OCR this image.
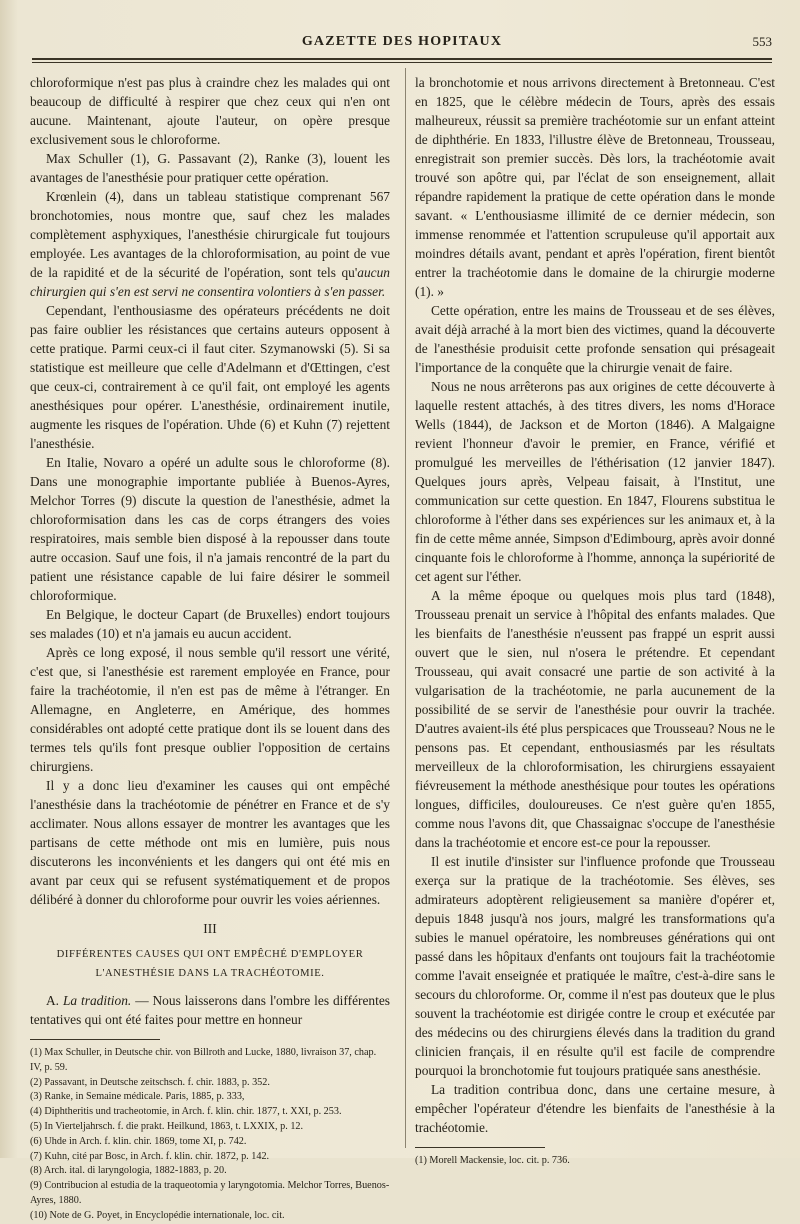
GAZETTE DES HOPITAUX	553

chloroformique n'est pas plus à craindre chez les malades qui ont beaucoup de difficulté à respirer que chez ceux qui n'en ont aucune. Maintenant, ajoute l'auteur, on opère presque exclusivement sous le chloroforme.

Max Schuller (1), G. Passavant (2), Ranke (3), louent les avantages de l'anesthésie pour pratiquer cette opération.

Krœnlein (4), dans un tableau statistique comprenant 567 bronchotomies, nous montre que, sauf chez les malades complètement asphyxiques, l'anesthésie chirurgicale fut toujours employée. Les avantages de la chloroformisation, au point de vue de la rapidité et de la sécurité de l'opération, sont tels qu'aucun chirurgien qui s'en est servi ne consentira volontiers à s'en passer.

Cependant, l'enthousiasme des opérateurs précédents ne doit pas faire oublier les résistances que certains auteurs opposent à cette pratique. Parmi ceux-ci il faut citer. Szymanowski (5). Si sa statistique est meilleure que celle d'Adelmann et d'Œttingen, c'est que ceux-ci, contrairement à ce qu'il fait, ont employé les agents anesthésiques pour opérer. L'anesthésie, ordinairement inutile, augmente les risques de l'opération. Uhde (6) et Kuhn (7) rejettent l'anesthésie.

En Italie, Novaro a opéré un adulte sous le chloroforme (8). Dans une monographie importante publiée à Buenos-Ayres, Melchor Torres (9) discute la question de l'anesthésie, admet la chloroformisation dans les cas de corps étrangers des voies respiratoires, mais semble bien disposé à la repousser dans toute autre occasion. Sauf une fois, il n'a jamais rencontré de la part du patient une résistance capable de lui faire désirer le sommeil chloroformique.

En Belgique, le docteur Capart (de Bruxelles) endort toujours ses malades (10) et n'a jamais eu aucun accident.

Après ce long exposé, il nous semble qu'il ressort une vérité, c'est que, si l'anesthésie est rarement employée en France, pour faire la trachéotomie, il n'en est pas de même à l'étranger. En Allemagne, en Angleterre, en Amérique, des hommes considérables ont adopté cette pratique dont ils se louent dans des termes tels qu'ils font presque oublier l'opposition de certains chirurgiens.

Il y a donc lieu d'examiner les causes qui ont empêché l'anesthésie dans la trachéotomie de pénétrer en France et de s'y acclimater. Nous allons essayer de montrer les avantages que les partisans de cette méthode ont mis en lumière, puis nous discuterons les inconvénients et les dangers qui ont été mis en avant par ceux qui se refusent systématiquement et de propos délibéré à donner du chloroforme pour ouvrir les voies aériennes.

III
DIFFÉRENTES CAUSES QUI ONT EMPÊCHÉ D'EMPLOYER L'ANESTHÉSIE DANS LA TRACHÉOTOMIE.

A. La tradition. — Nous laisserons dans l'ombre les différentes tentatives qui ont été faites pour mettre en honneur

(1) Max Schuller, in Deutsche chir. von Billroth and Lucke, 1880, livraison 37, chap. IV, p. 59.

(2) Passavant, in Deutsche zeitschsch. f. chir. 1883, p. 352.

(3) Ranke, in Semaine médicale. Paris, 1885, p. 333,

(4) Diphtheritis und tracheotomie, in Arch. f. klin. chir. 1877, t. XXI, p. 253.

(5) In Vierteljahrsch. f. die prakt. Heilkund, 1863, t. LXXIX, p. 12.

(6) Uhde in Arch. f. klin. chir. 1869, tome XI, p. 742.

(7) Kuhn, cité par Bosc, in Arch. f. klin. chir. 1872, p. 142.

(8) Arch. ital. di laryngologia, 1882-1883, p. 20.

(9) Contribucion al estudia de la traqueotomia y laryngotomia. Melchor Torres, Buenos-Ayres, 1880.

(10) Note de G. Poyet, in Encyclopédie internationale, loc. cit.

la bronchotomie et nous arrivons directement à Bretonneau. C'est en 1825, que le célèbre médecin de Tours, après des essais malheureux, réussit sa première trachéotomie sur un enfant atteint de diphthérie. En 1833, l'illustre élève de Bretonneau, Trousseau, enregistrait son premier succès. Dès lors, la trachéotomie avait trouvé son apôtre qui, par l'éclat de son enseignement, allait répandre rapidement la pratique de cette opération dans le monde savant. « L'enthousiasme illimité de ce dernier médecin, son immense renommée et l'attention scrupuleuse qu'il apportait aux moindres détails avant, pendant et après l'opération, firent bientôt entrer la trachéotomie dans le domaine de la chirurgie moderne (1). »

Cette opération, entre les mains de Trousseau et de ses élèves, avait déjà arraché à la mort bien des victimes, quand la découverte de l'anesthésie produisit cette profonde sensation qui présageait l'importance de la conquête que la chirurgie venait de faire.

Nous ne nous arrêterons pas aux origines de cette découverte à laquelle restent attachés, à des titres divers, les noms d'Horace Wells (1844), de Jackson et de Morton (1846). A Malgaigne revient l'honneur d'avoir le premier, en France, vérifié et promulgué les merveilles de l'éthérisation (12 janvier 1847). Quelques jours après, Velpeau faisait, à l'Institut, une communication sur cette question. En 1847, Flourens substitua le chloroforme à l'éther dans ses expériences sur les animaux et, à la fin de cette même année, Simpson d'Edimbourg, après avoir donné cinquante fois le chloroforme à l'homme, annonça la supériorité de cet agent sur l'éther.

A la même époque ou quelques mois plus tard (1848), Trousseau prenait un service à l'hôpital des enfants malades. Que les bienfaits de l'anesthésie n'eussent pas frappé un esprit aussi ouvert que le sien, nul n'osera le prétendre. Et cependant Trousseau, qui avait consacré une partie de son activité à la vulgarisation de la trachéotomie, ne parla aucunement de la possibilité de se servir de l'anesthésie pour ouvrir la trachée. D'autres avaient-ils été plus perspicaces que Trousseau? Nous ne le pensons pas. Et cependant, enthousiasmés par les résultats merveilleux de la chloroformisation, les chirurgiens essayaient fiévreusement la méthode anesthésique pour toutes les opérations longues, difficiles, douloureuses. Ce n'est guère qu'en 1855, comme nous l'avons dit, que Chassaignac s'occupe de l'anesthésie dans la trachéotomie et encore est-ce pour la repousser.

Il est inutile d'insister sur l'influence profonde que Trousseau exerça sur la pratique de la trachéotomie. Ses élèves, ses admirateurs adoptèrent religieusement sa manière d'opérer et, depuis 1848 jusqu'à nos jours, malgré les transformations qu'a subies le manuel opératoire, les nombreuses générations qui ont passé dans les hôpitaux d'enfants ont toujours fait la trachéotomie comme l'avait enseignée et pratiquée le maître, c'est-à-dire sans le secours du chloroforme. Or, comme il n'est pas douteux que le plus souvent la trachéotomie est dirigée contre le croup et exécutée par des médecins ou des chirurgiens élevés dans la tradition du grand clinicien français, il en résulte qu'il est facile de comprendre pourquoi la bronchotomie fut toujours pratiquée sans anesthésie.

La tradition contribua donc, dans une certaine mesure, à empêcher l'opérateur d'étendre les bienfaits de l'anesthésie à la trachéotomie.

(1) Morell Mackensie, loc. cit. p. 736.
